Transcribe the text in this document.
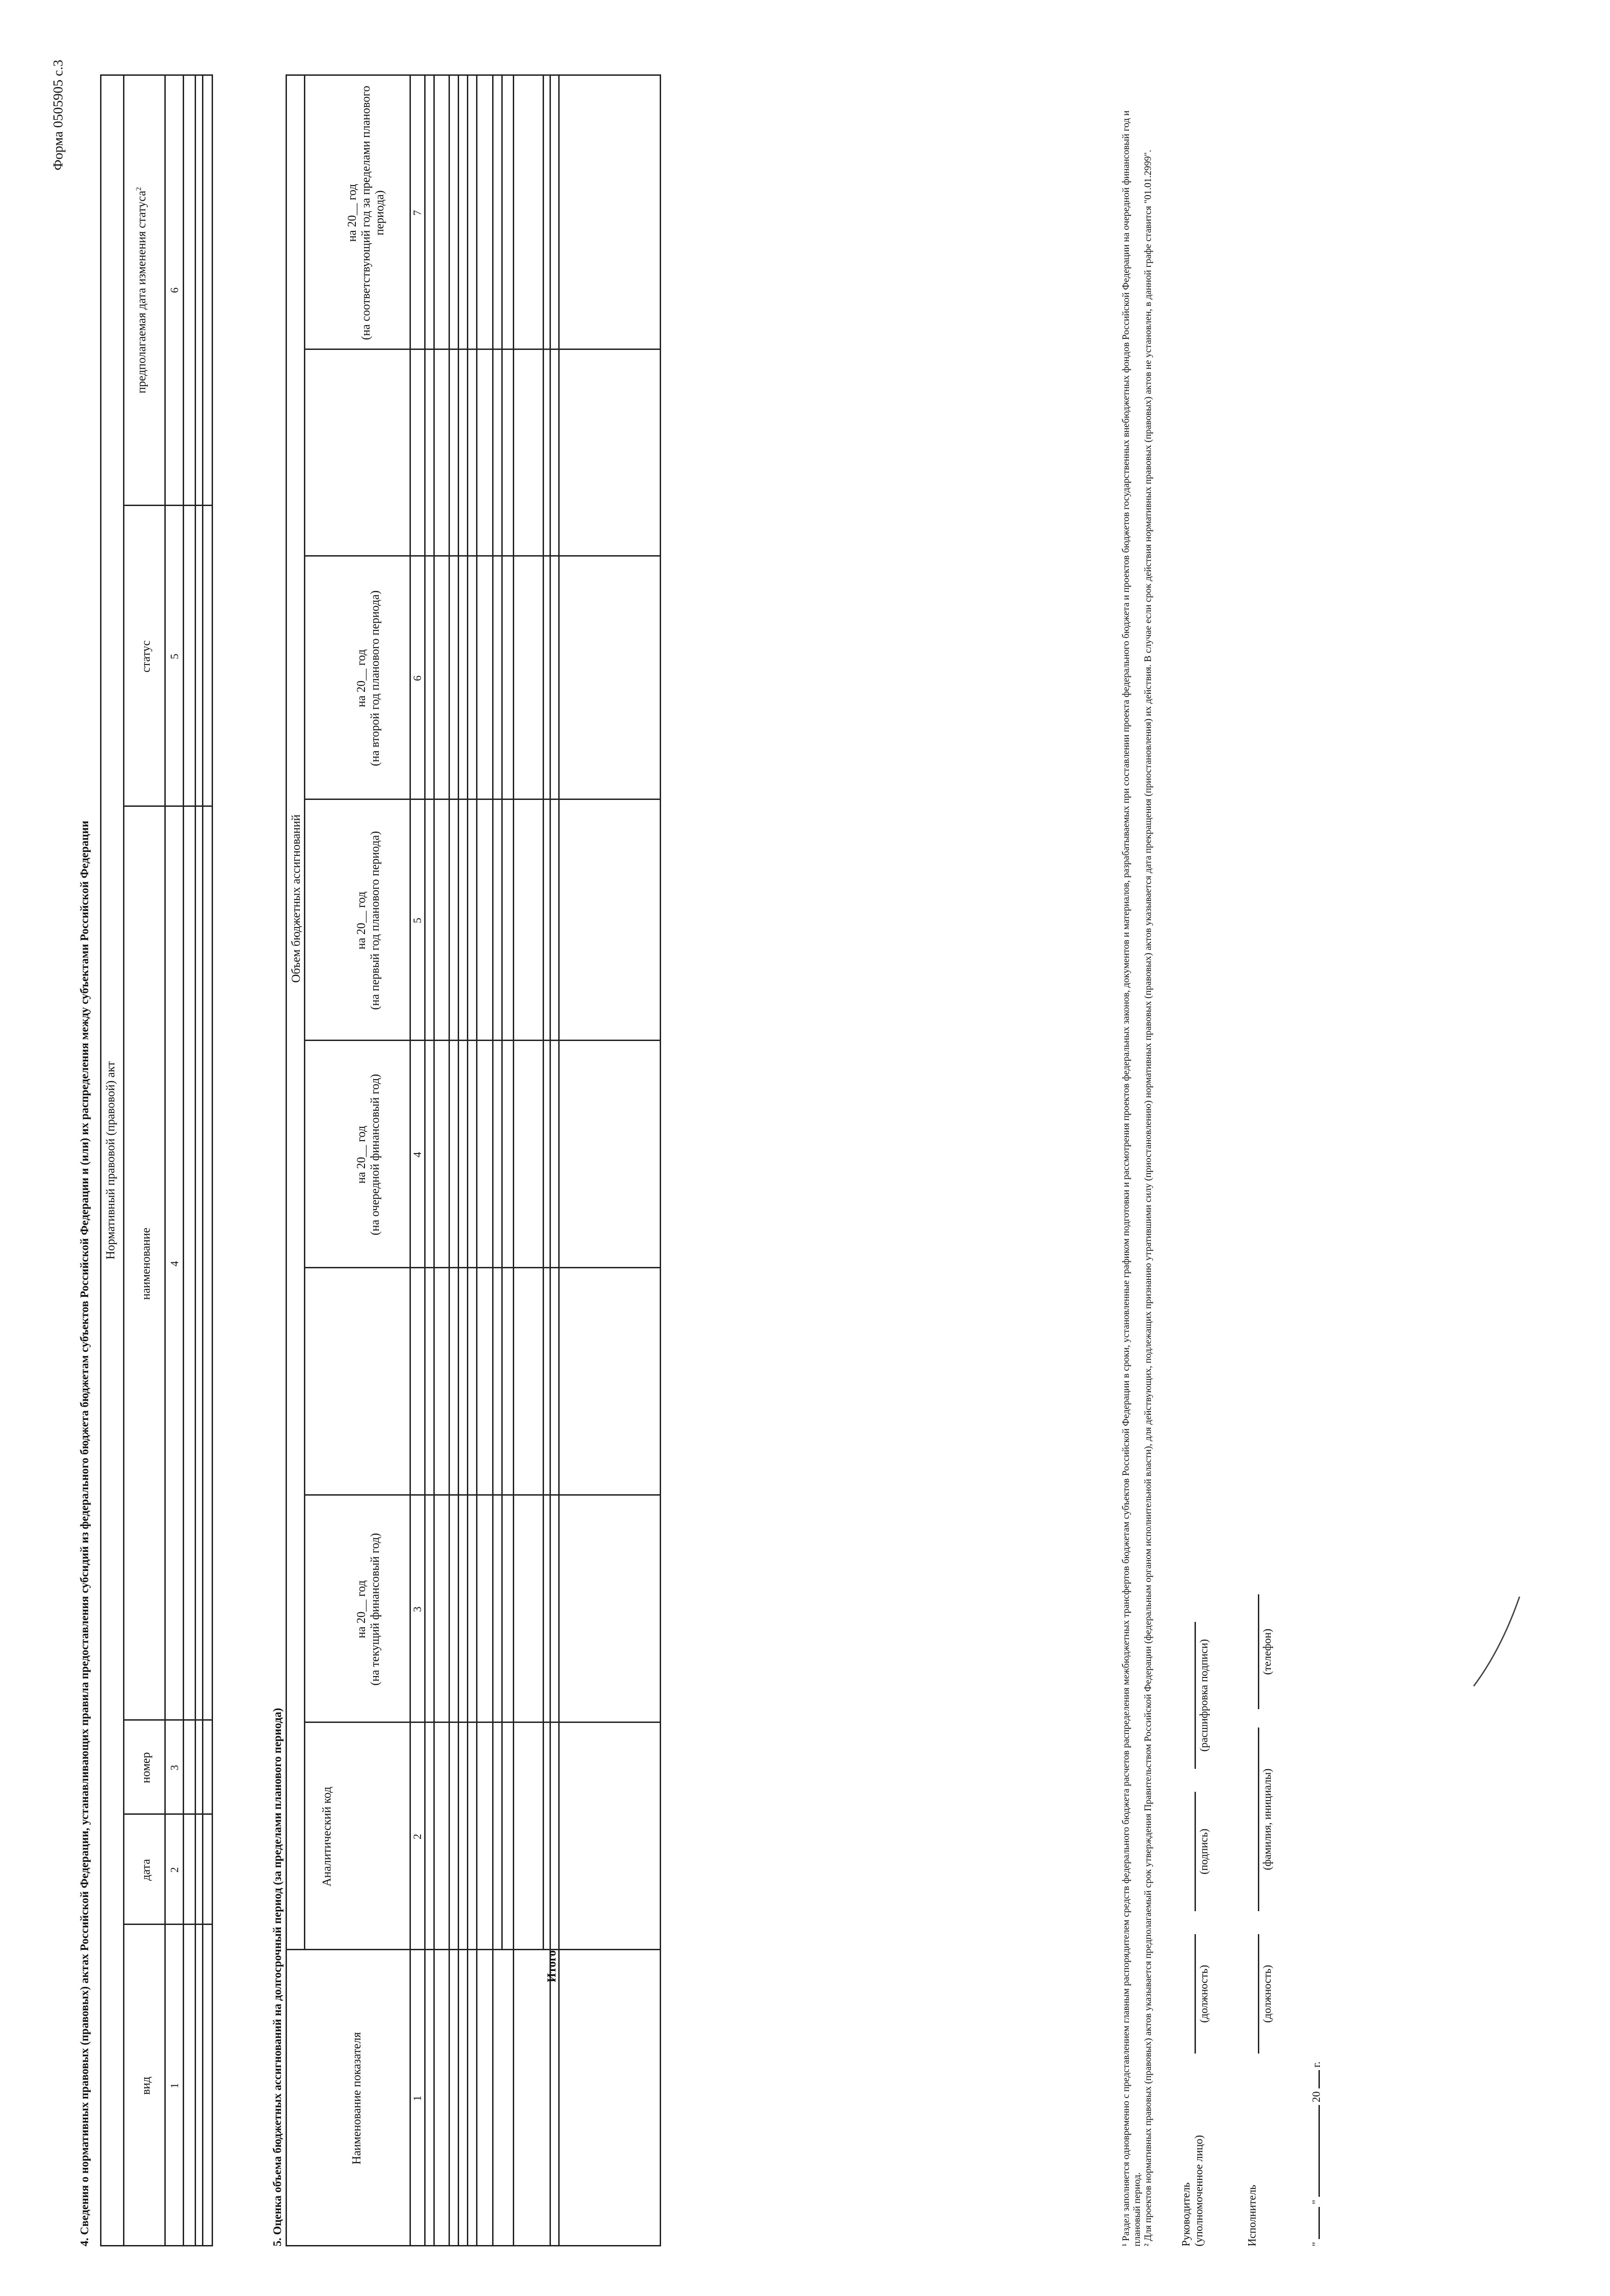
Форма 0505905 с.3
4. Сведения о нормативных правовых (правовых) актах Российской Федерации, устанавливающих правила предоставления субсидий из федерального бюджета бюджетам субъектов Российской Федерации и (или) их распределения между субъектами Российской Федерации Нормативный правовой (правовой) акт
вид
дата
номер
наименование
статус
предполагаемая дата изменения статуса$^2$
1
2
3
4
5
6
5. Оценка объема бюджетных ассигнований на долгосрочный период (за пределами планового периода)	Наименование показателя
Аналитический код
Объем бюджетных ассигнований
на 20__ год (на текущий финансовый год)
на 20__ год (на очередной финансовый год)
на 20__ год (на первый год планового периода)
на 20__ год (на второй год планового периода)
на 20__ год (на соответствующий год за пределами планового периода)
1
2
3
4
5
6
7
Итого	¹ Раздел заполняется одновременно с представлением главным распорядителем средств федерального бюджета расчетов распределения межбюджетных трансфертов бюджетам субъектов Российской Федерации в сроки, установленные графиком подготовки и рассмотрения проектов федеральных законов, документов и материалов, разрабатываемых при составлении проекта федерального бюджета и проектов бюджетов государственных внебюджетных фондов Российской Федерации на очередной финансовый год и плановый период. ² Для проектов нормативных правовых (правовых) актов указывается предполагаемый срок утверждения Правительством Российской Федерации (федеральным органом исполнительной власти), для действующих, подлежащих признанию утратившими силу (приостановлению) нормативных правовых (правовых) актов указывается дата прекращения (приостановления) их действия. В случае если срок действия нормативных правовых (правовых) актов не установлен, в данной графе ставится "01.01.2999". Руководитель (уполномоченное лицо)
(должность)
(подпись)
(расшифровка подписи)
Исполнитель
(должность)
(фамилия, инициалы)
(телефон)
"  "  20  г.
